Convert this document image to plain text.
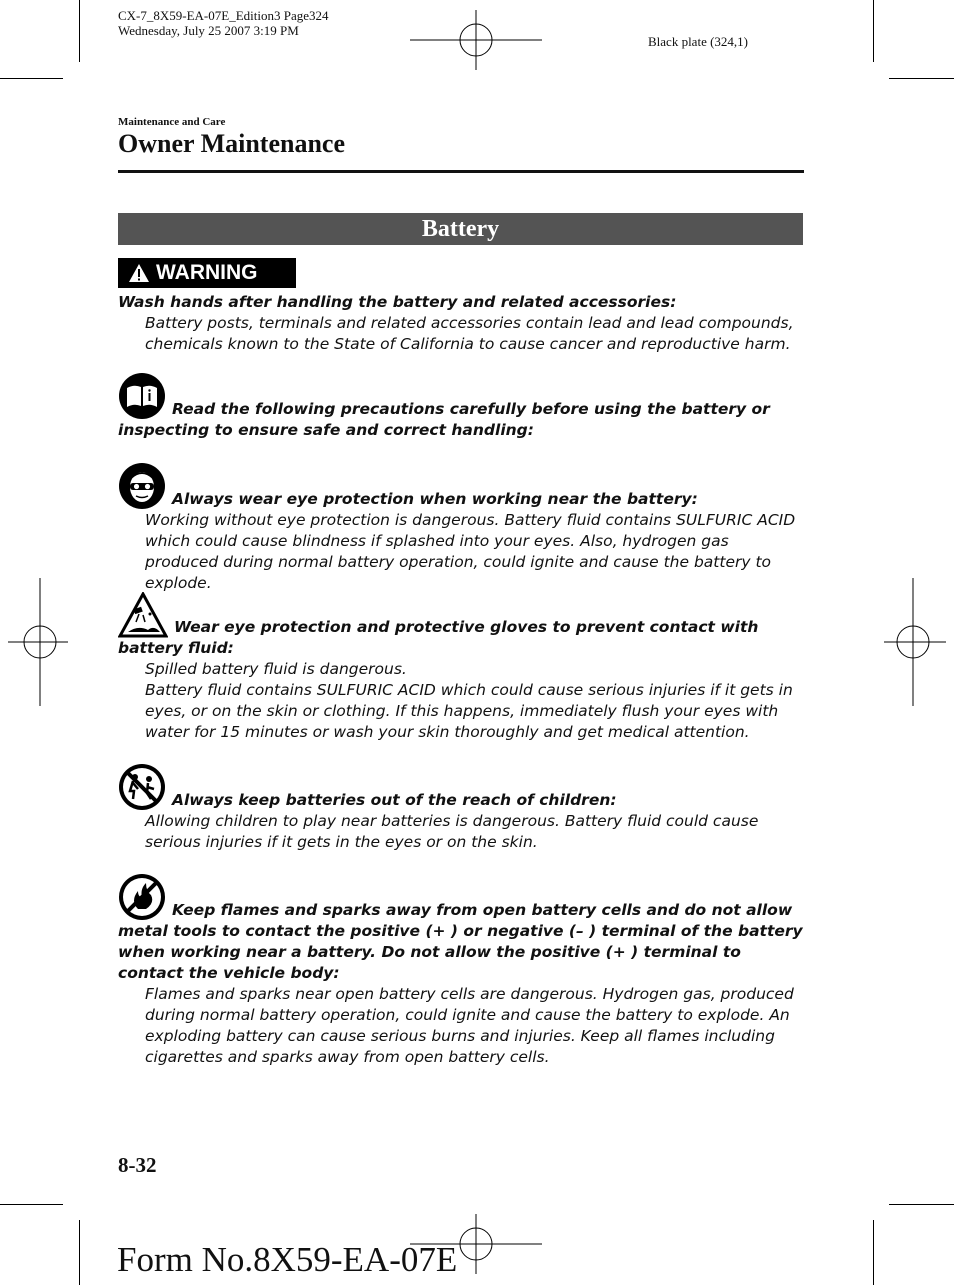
CX-7_8X59-EA-07E_Edition3 Page324
Wednesday, July 25 2007 3:19 PM
Black plate (324,1)
Maintenance and Care
Owner Maintenance
Battery
WARNING
Wash hands after handling the battery and related accessories:
Battery posts, terminals and related accessories contain lead and lead compounds, chemicals known to the State of California to cause cancer and reproductive harm.
Read the following precautions carefully before using the battery or inspecting to ensure safe and correct handling:
Always wear eye protection when working near the battery:
Working without eye protection is dangerous. Battery fluid contains SULFURIC ACID which could cause blindness if splashed into your eyes. Also, hydrogen gas produced during normal battery operation, could ignite and cause the battery to explode.
Wear eye protection and protective gloves to prevent contact with battery fluid:
Spilled battery fluid is dangerous.
Battery fluid contains SULFURIC ACID which could cause serious injuries if it gets in eyes, or on the skin or clothing. If this happens, immediately flush your eyes with water for 15 minutes or wash your skin thoroughly and get medical attention.
Always keep batteries out of the reach of children:
Allowing children to play near batteries is dangerous. Battery fluid could cause serious injuries if it gets in the eyes or on the skin.
Keep flames and sparks away from open battery cells and do not allow metal tools to contact the positive (+ ) or negative (– ) terminal of the battery when working near a battery. Do not allow the positive (+ ) terminal to contact the vehicle body:
Flames and sparks near open battery cells are dangerous. Hydrogen gas, produced during normal battery operation, could ignite and cause the battery to explode. An exploding battery can cause serious burns and injuries. Keep all flames including cigarettes and sparks away from open battery cells.
8-32
Form No.8X59-EA-07E
